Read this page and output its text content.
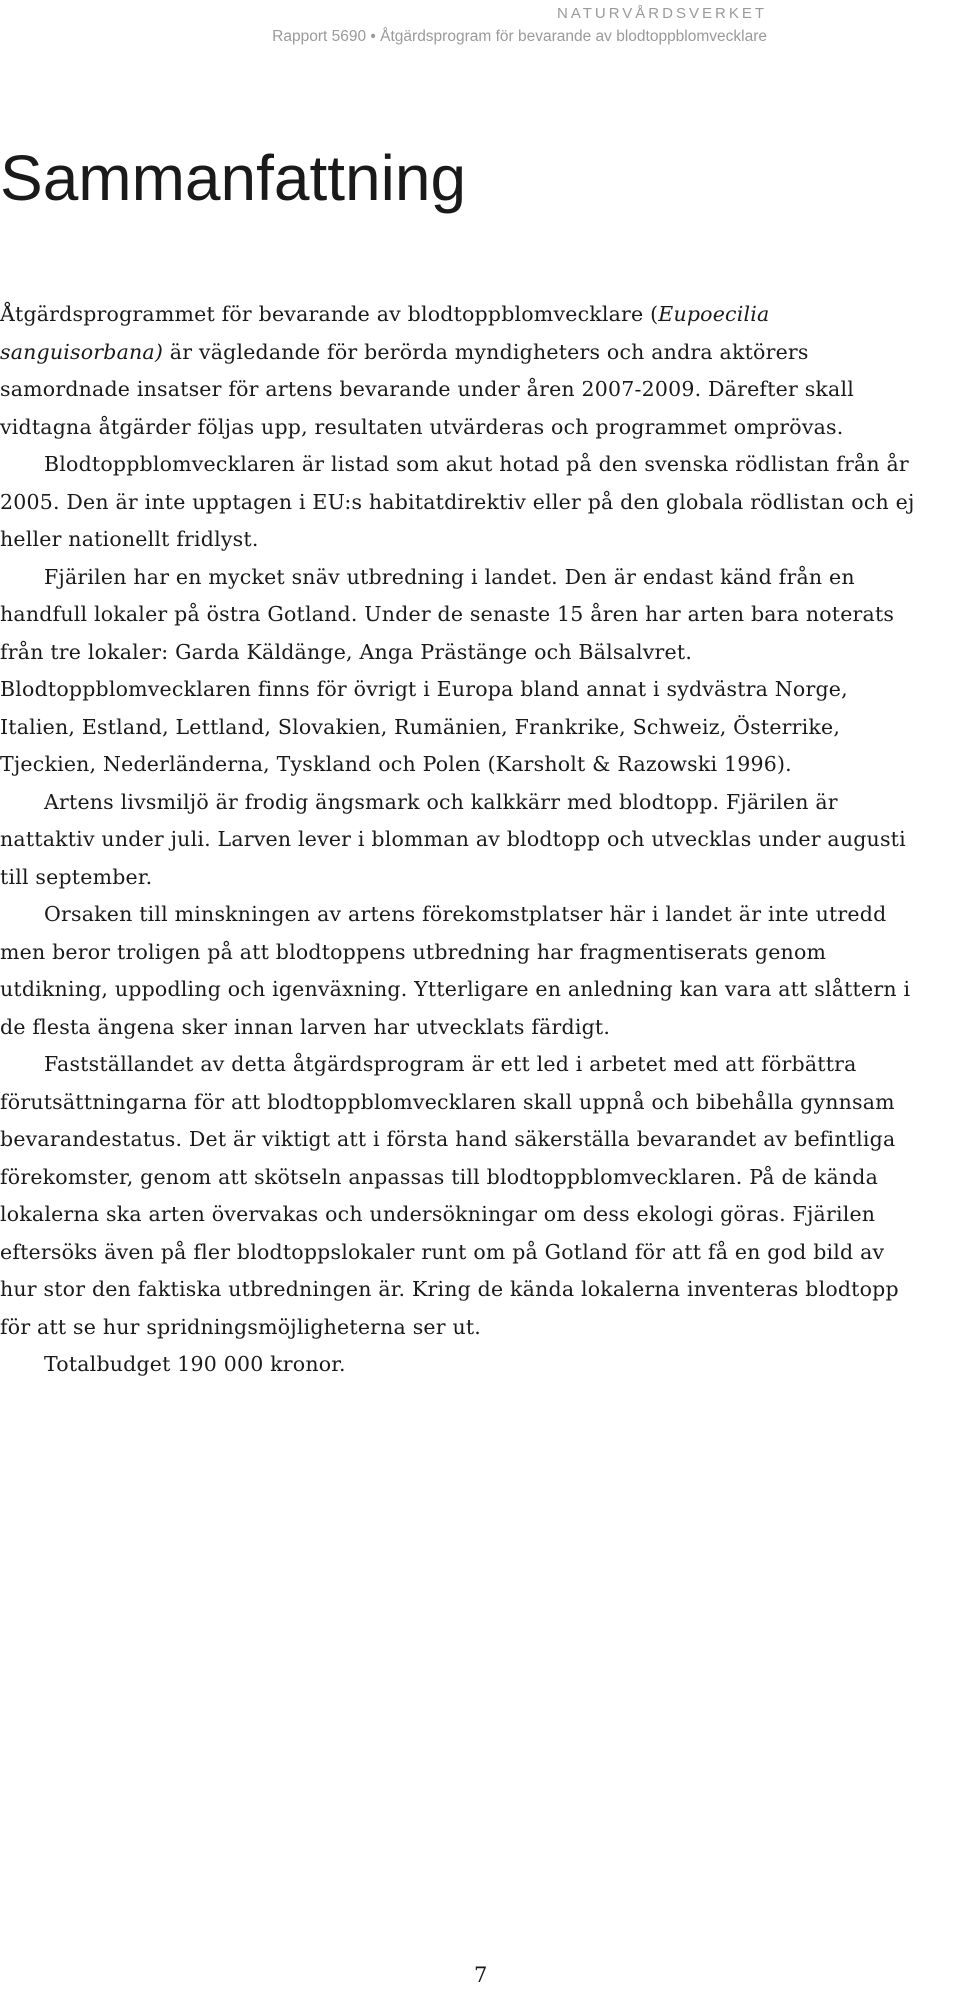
NATURVÅRDSVERKET
Rapport 5690 • Åtgärdsprogram för bevarande av blodtoppblomvecklare
Sammanfattning

Åtgärdsprogrammet för bevarande av blodtoppblomvecklare (Eupoecilia sanguisorbana) är vägledande för berörda myndigheters och andra aktörers samordnade insatser för artens bevarande under åren 2007-2009. Därefter skall vidtagna åtgärder följas upp, resultaten utvärderas och programmet omprövas.

Blodtoppblomvecklaren är listad som akut hotad på den svenska rödlistan från år 2005. Den är inte upptagen i EU:s habitatdirektiv eller på den globala rödlistan och ej heller nationellt fridlyst.

Fjärilen har en mycket snäv utbredning i landet. Den är endast känd från en handfull lokaler på östra Gotland. Under de senaste 15 åren har arten bara noterats från tre lokaler: Garda Käldänge, Anga Prästänge och Bälsalvret. Blodtoppblomvecklaren finns för övrigt i Europa bland annat i sydvästra Norge, Italien, Estland, Lettland, Slovakien, Rumänien, Frankrike, Schweiz, Österrike, Tjeckien, Nederländerna, Tyskland och Polen (Karsholt & Razowski 1996).

Artens livsmiljö är frodig ängsmark och kalkkärr med blodtopp. Fjärilen är nattaktiv under juli. Larven lever i blomman av blodtopp och utvecklas under augusti till september.

Orsaken till minskningen av artens förekomstplatser här i landet är inte utredd men beror troligen på att blodtoppens utbredning har fragmentiserats genom utdikning, uppodling och igenväxning. Ytterligare en anledning kan vara att slåttern i de flesta ängena sker innan larven har utvecklats färdigt.

Fastställandet av detta åtgärdsprogram är ett led i arbetet med att förbättra förutsättningarna för att blodtoppblomvecklaren skall uppnå och bibehålla gynnsam bevarandestatus. Det är viktigt att i första hand säkerställa bevarandet av befintliga förekomster, genom att skötseln anpassas till blodtoppblomvecklaren. På de kända lokalerna ska arten övervakas och undersökningar om dess ekologi göras. Fjärilen eftersöks även på fler blodtoppslokaler runt om på Gotland för att få en god bild av hur stor den faktiska utbredningen är. Kring de kända lokalerna inventeras blodtopp för att se hur spridningsmöjligheterna ser ut.

Totalbudget 190 000 kronor.

7
